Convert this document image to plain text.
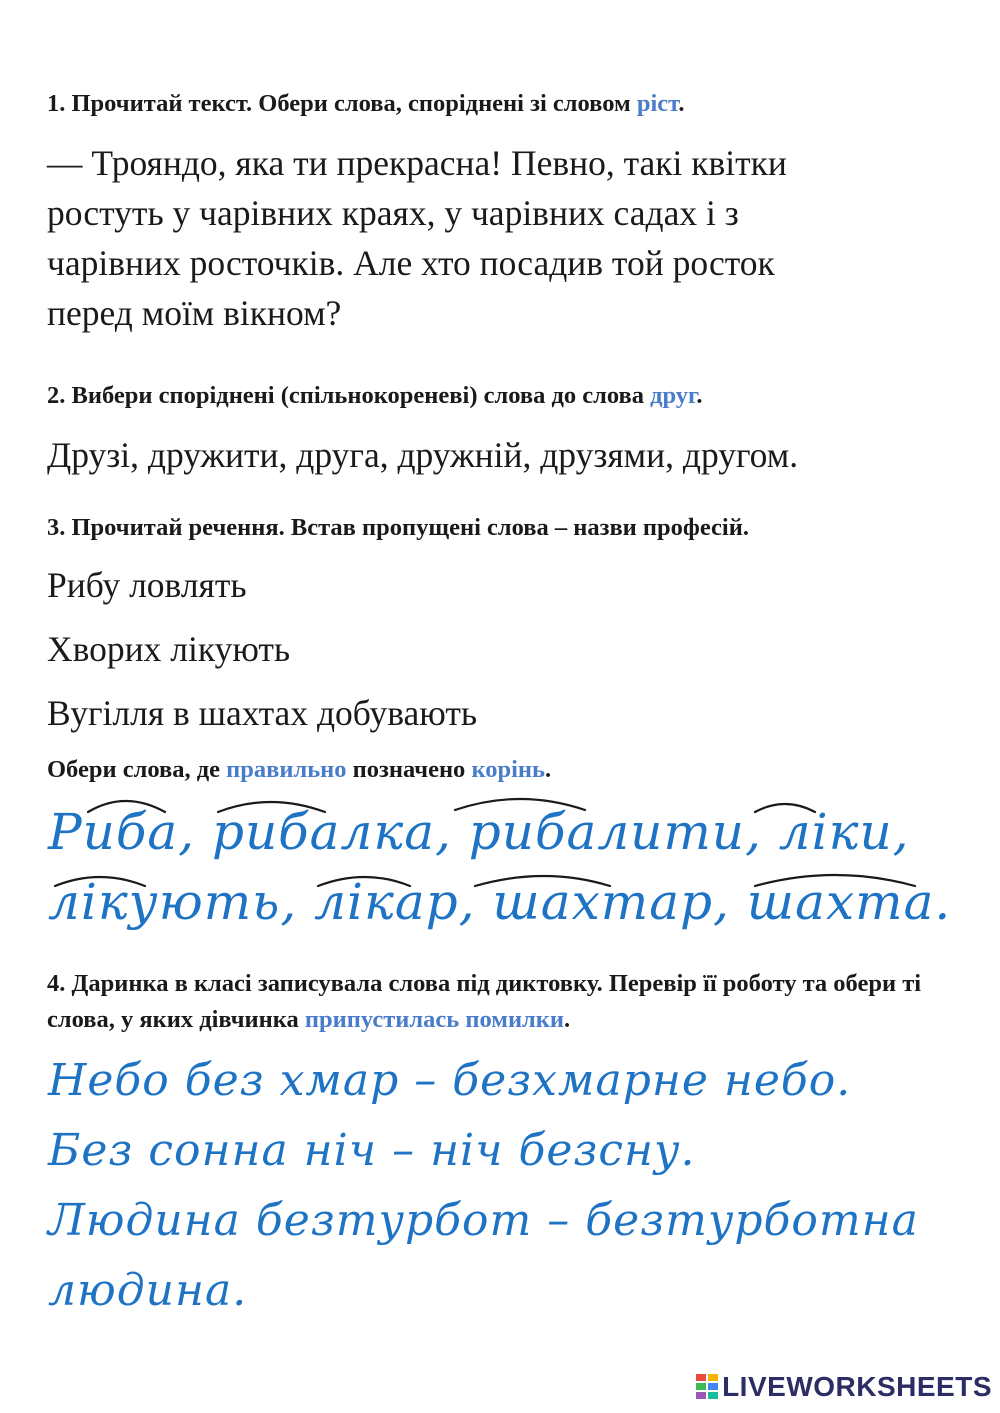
1. Прочитай текст. Обери слова, споріднені зі словом ріст.

— Трояндо, яка ти прекрасна! Певно, такі квітки

ростуть у чарівних краях, у чарівних садах і з

чарівних росточків. Але хто посадив той росток

перед моїм вікном?

2. Вибери споріднені (спільнокореневі) слова до слова друг.

Друзі, дружити, друга, дружній, друзями, другом.

3. Прочитай речення. Встав пропущені слова – назви професій.

Рибу ловлять

Хворих лікують

Вугілля в шахтах добувають

Обери слова, де правильно позначено корінь.

Риба, рибалка, рибалити, ліки,

лікують, лікар, шахтар, шахта.

4. Даринка в класі записувала слова під диктовку. Перевір її роботу та обери ті слова, у яких дівчинка припустилась помилки.

Небо без хмар – безхмарне небо.

Без сонна ніч – ніч безсну.

Людина безтурбот – безтурботна

людина.

LIVEWORKSHEETS
